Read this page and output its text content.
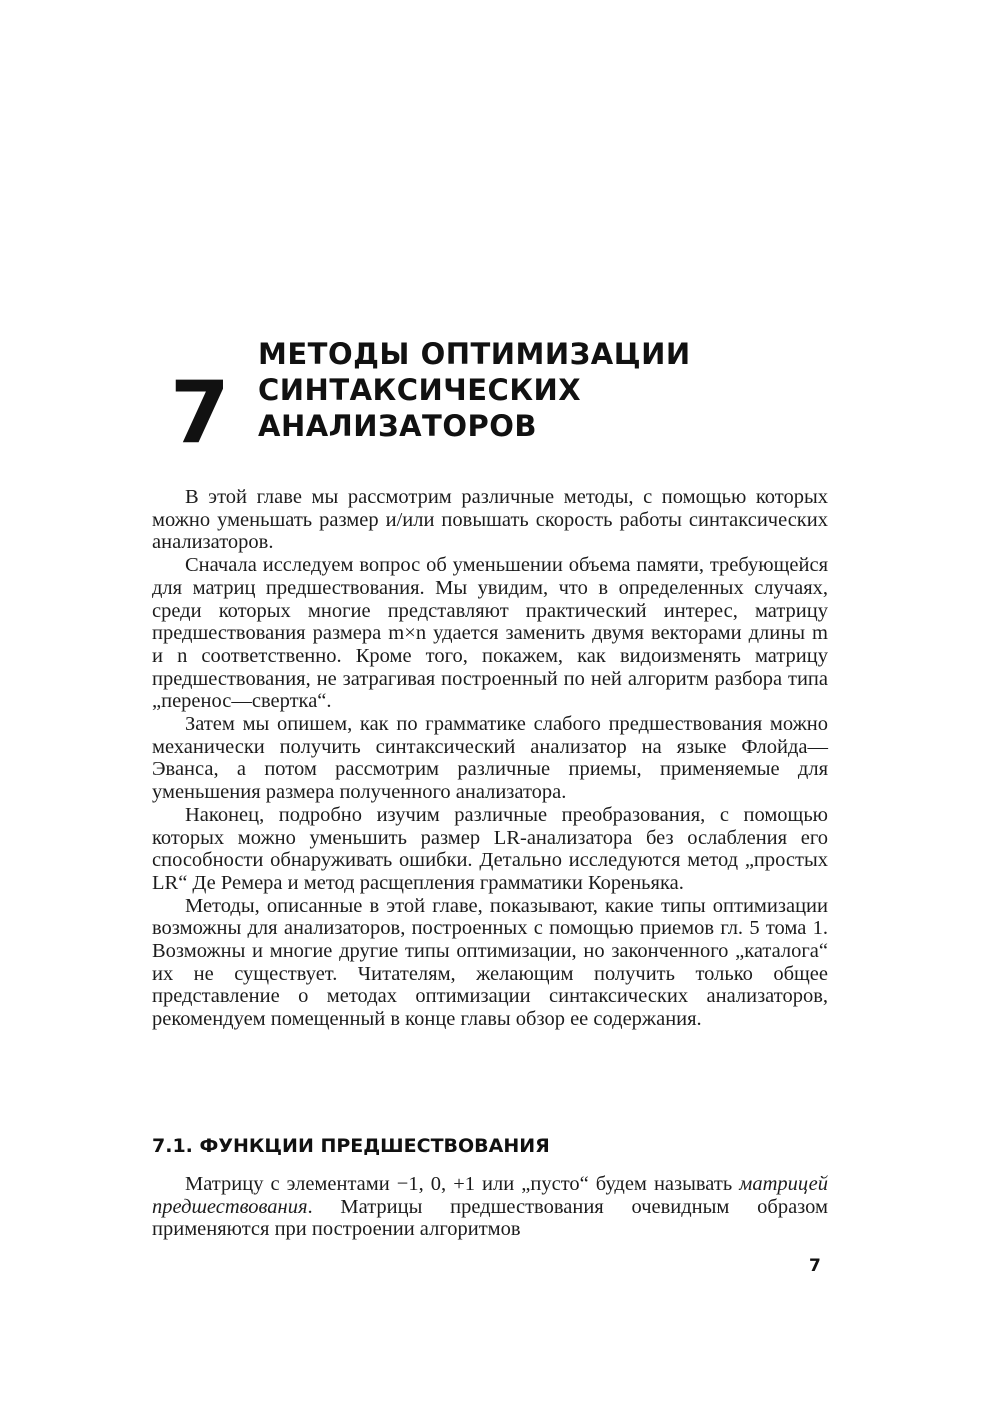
7
МЕТОДЫ ОПТИМИЗАЦИИ
СИНТАКСИЧЕСКИХ
АНАЛИЗАТОРОВ

В этой главе мы рассмотрим различные методы, с помощью которых можно уменьшать размер и/или повышать скорость работы синтаксических анализаторов.

Сначала исследуем вопрос об уменьшении объема памяти, требующейся для матриц предшествования. Мы увидим, что в определенных случаях, среди которых многие представляют практический интерес, матрицу предшествования размера m×n удается заменить двумя векторами длины m и n соответственно. Кроме того, покажем, как видоизменять матрицу предшествования, не затрагивая построенный по ней алгоритм разбора типа „перенос—свертка“.

Затем мы опишем, как по грамматике слабого предшествования можно механически получить синтаксический анализатор на языке Флойда—Эванса, а потом рассмотрим различные приемы, применяемые для уменьшения размера полученного анализатора.

Наконец, подробно изучим различные преобразования, с помощью которых можно уменьшить размер LR-анализатора без ослабления его способности обнаруживать ошибки. Детально исследуются метод „простых LR“ Де Ремера и метод расщепления грамматики Кореньяка.

Методы, описанные в этой главе, показывают, какие типы оптимизации возможны для анализаторов, построенных с помощью приемов гл. 5 тома 1. Возможны и многие другие типы оптимизации, но законченного „каталога“ их не существует. Читателям, желающим получить только общее представление о методах оптимизации синтаксических анализаторов, рекомендуем помещенный в конце главы обзор ее содержания.

7.1. ФУНКЦИИ ПРЕДШЕСТВОВАНИЯ

Матрицу с элементами −1, 0, +1 или „пусто“ будем называть матрицей предшествования. Матрицы предшествования очевидным образом применяются при построении алгоритмов

7
